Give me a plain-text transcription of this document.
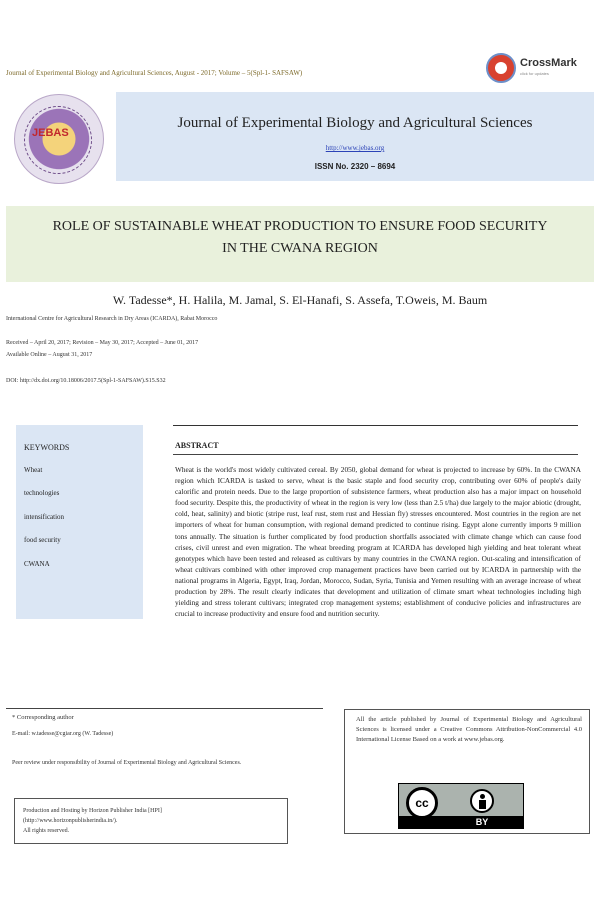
Journal of Experimental Biology and Agricultural Sciences, August - 2017; Volume – 5(Spl-1- SAFSAW)
CrossMark
click for updates
JEBAS
Journal of Experimental Biology and Agricultural Sciences
http://www.jebas.org
ISSN No. 2320 – 8694
ROLE OF SUSTAINABLE WHEAT PRODUCTION TO ENSURE FOOD SECURITY
IN THE CWANA REGION
W. Tadesse*, H. Halila, M. Jamal, S. El-Hanafi, S. Assefa, T.Oweis, M. Baum
International Centre for Agricultural Research in Dry Areas (ICARDA), Rabat Morocco
Received – April 20, 2017; Revision – May 30, 2017; Accepted – June 01, 2017
Available Online – August 31, 2017
DOI: http://dx.doi.org/10.18006/2017.5(Spl-1-SAFSAW).S15.S32
KEYWORDS
Wheat
technologies
intensification
food security
CWANA
ABSTRACT
Wheat is the world's most widely cultivated cereal. By 2050, global demand for wheat is projected to increase by 60%. In the CWANA region which ICARDA is tasked to serve, wheat is the basic staple and food security crop, contributing over 60% of people's daily calorific and protein needs. Due to the large proportion of subsistence farmers, wheat production also has a major impact on household food security. Despite this, the productivity of wheat in the region is very low (less than 2.5 t/ha) due largely to the major abiotic (drought, cold, heat, salinity) and biotic (stripe rust, leaf rust, stem rust and Hessian fly) stresses encountered. Most countries in the region are net importers of wheat for human consumption, with regional demand predicted to continue rising. Egypt alone currently imports 9 million tons annually. The situation is further complicated by food production shortfalls associated with climate change which can cause food crises, civil unrest and even migration. The wheat breeding program at ICARDA has developed high yielding and heat tolerant wheat genotypes which have been tested and released as cultivars by many countries in the CWANA region. Out-scaling and intensification of wheat cultivars combined with other improved crop management practices have been carried out by ICARDA in partnership with the national programs in Algeria, Egypt, Iraq, Jordan, Morocco, Sudan, Syria, Tunisia and Yemen resulting with an average increase of wheat production by 28%. The result clearly indicates that development and utilization of climate smart wheat technologies including high yielding and stress tolerant cultivars; integrated crop management systems; establishment of conducive policies and infrastructures are crucial to increase productivity and ensure food and nutrition security.
* Corresponding author
E-mail: w.tadesse@cgiar.org (W. Tadesse)
Peer review under responsibility of Journal of Experimental Biology and Agricultural Sciences.
Production and Hosting by Horizon Publisher India [HPI]
(http://www.horizonpublisherindia.in/).
All rights reserved.
All the article published by Journal of Experimental Biology and Agricultural Sciences is licensed under a Creative Commons Attribution-NonCommercial 4.0 International License Based on a work at www.jebas.org.
cc
BY
